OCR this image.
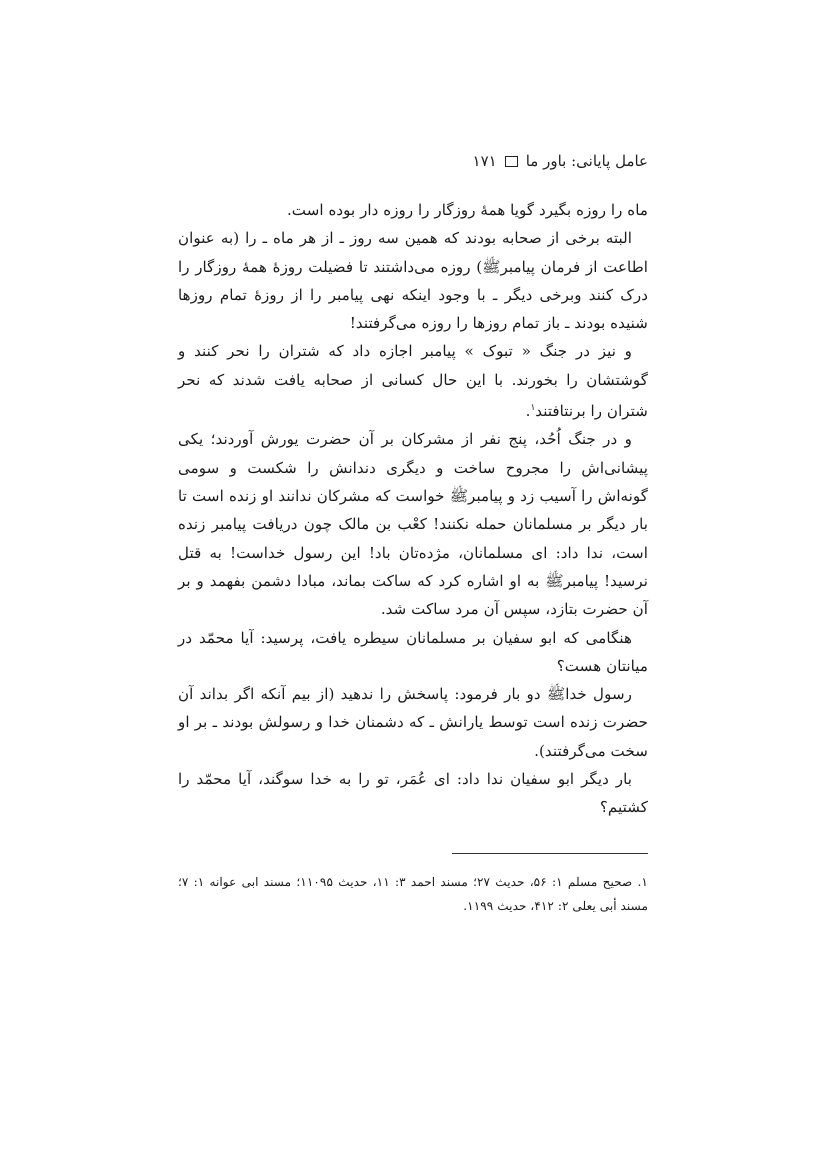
عامل پایانی: باور ما
۱۷۱

ماه را روزه بگیرد گویا همهٔ روزگار را روزه دار بوده است.

البته برخی از صحابه بودند که همین سه روز ـ از هر ماه ـ را (به عنوان اطاعت از فرمان پیامبرﷺ) روزه می‌داشتند تا فضیلت روزهٔ همهٔ روزگار را درک کنند وبرخی دیگر ـ با وجود اینکه نهی پیامبر را از روزهٔ تمام روزها شنیده بودند ـ باز تمام روزها را روزه می‌گرفتند!

و نیز در جنگ « تبوک » پیامبر اجازه داد که شتران را نحر کنند و گوشتشان را بخورند. با این حال کسانی از صحابه یافت شدند که نحر شتران را برنتافتند$^۱$.

و در جنگ اُحُد، پنج نفر از مشرکان بر آن حضرت یورش آوردند؛ یکی پیشانی‌اش را مجروح ساخت و دیگری دندانش را شکست و سومی گونه‌اش را آسیب زد و پیامبرﷺ خواست که مشرکان ندانند او زنده است تا بار دیگر بر مسلمانان حمله نکنند! کعْب بن مالک چون دریافت پیامبر زنده است، ندا داد: ای مسلمانان، مژده‌تان باد! این رسول خداست! به قتل نرسید! پیامبرﷺ به او اشاره کرد که ساکت بماند، مبادا دشمن بفهمد و بر آن حضرت بتازد، سپس آن مرد ساکت شد.

هنگامی که ابو سفیان بر مسلمانان سیطره یافت، پرسید: آیا محمّد در میانتان هست؟

رسول خداﷺ دو بار فرمود: پاسخش را ندهید (از بیم آنکه اگر بداند آن حضرت زنده است توسط یارانش ـ که دشمنان خدا و رسولش بودند ـ بر او سخت می‌گرفتند).

بار دیگر ابو سفیان ندا داد: ای عُمَر، تو را به خدا سوگند، آیا محمّد را کشتیم؟

۱. صحیح مسلم ۱: ۵۶، حدیث ۲۷؛ مسند احمد ۳: ۱۱، حدیث ۱۱۰۹۵؛ مسند ابی عوانه ۱: ۷؛ مسند أبی یعلی ۲: ۴۱۲، حدیث ۱۱۹۹.
